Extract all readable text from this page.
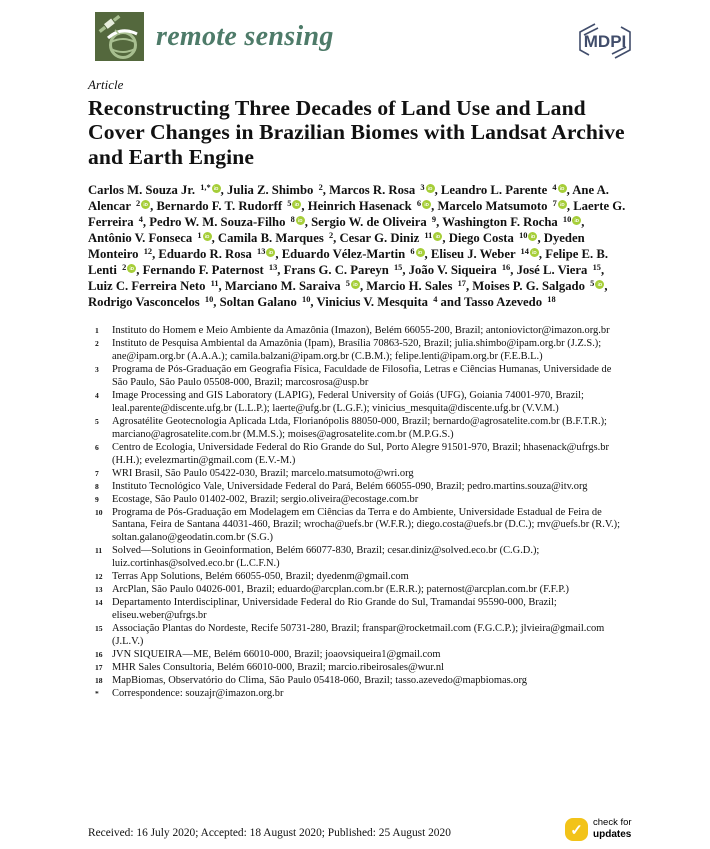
remote sensing	MDPI

Article

Reconstructing Three Decades of Land Use and Land Cover Changes in Brazilian Biomes with Landsat Archive and Earth Engine

Carlos M. Souza Jr. $^{1,*}$ iD , Julia Z. Shimbo $^2$, Marcos R. Rosa $^3$ iD , Leandro L. Parente $^4$ iD , Ane A. Alencar $^2$ iD , Bernardo F. T. Rudorff $^5$ iD , Heinrich Hasenack $^6$ iD , Marcelo Matsumoto $^7$ iD , Laerte G. Ferreira $^4$, Pedro W. M. Souza-Filho $^8$ iD , Sergio W. de Oliveira $^9$, Washington F. Rocha $^{10}$ iD , Antônio V. Fonseca $^1$ iD , Camila B. Marques $^2$, Cesar G. Diniz $^{11}$ iD , Diego Costa $^{10}$ iD , Dyeden Monteiro $^{12}$, Eduardo R. Rosa $^{13}$ iD , Eduardo Vélez-Martin $^6$ iD , Eliseu J. Weber $^{14}$ iD , Felipe E. B. Lenti $^2$ iD , Fernando F. Paternost $^{13}$, Frans G. C. Pareyn $^{15}$, João V. Siqueira $^{16}$, José L. Viera $^{15}$, Luiz C. Ferreira Neto $^{11}$, Marciano M. Saraiva $^5$ iD , Marcio H. Sales $^{17}$, Moises P. G. Salgado $^5$ iD , Rodrigo Vasconcelos $^{10}$, Soltan Galano $^{10}$, Vinicius V. Mesquita $^4$ and Tasso Azevedo $^{18}$

1	Instituto do Homem e Meio Ambiente da Amazônia (Imazon), Belém 66055-200, Brazil; antoniovictor@imazon.org.br
2	Instituto de Pesquisa Ambiental da Amazônia (Ipam), Brasília 70863-520, Brazil; julia.shimbo@ipam.org.br (J.Z.S.); ane@ipam.org.br (A.A.A.); camila.balzani@ipam.org.br (C.B.M.); felipe.lenti@ipam.org.br (F.E.B.L.)
3	Programa de Pós-Graduação em Geografia Física, Faculdade de Filosofia, Letras e Ciências Humanas, Universidade de São Paulo, São Paulo 05508-000, Brazil; marcosrosa@usp.br
4	Image Processing and GIS Laboratory (LAPIG), Federal University of Goiás (UFG), Goiania 74001-970, Brazil; leal.parente@discente.ufg.br (L.L.P.); laerte@ufg.br (L.G.F.); vinicius_mesquita@discente.ufg.br (V.V.M.)
5	Agrosatélite Geotecnologia Aplicada Ltda, Florianópolis 88050-000, Brazil; bernardo@agrosatelite.com.br (B.F.T.R.); marciano@agrosatelite.com.br (M.M.S.); moises@agrosatelite.com.br (M.P.G.S.)
6	Centro de Ecologia, Universidade Federal do Rio Grande do Sul, Porto Alegre 91501-970, Brazil; hhasenack@ufrgs.br (H.H.); evelezmartin@gmail.com (E.V.-M.)
7	WRI Brasil, São Paulo 05422-030, Brazil; marcelo.matsumoto@wri.org
8	Instituto Tecnológico Vale, Universidade Federal do Pará, Belém 66055-090, Brazil; pedro.martins.souza@itv.org
9	Ecostage, São Paulo 01402-002, Brazil; sergio.oliveira@ecostage.com.br
10 Programa de Pós-Graduação em Modelagem em Ciências da Terra e do Ambiente, Universidade Estadual de Feira de Santana, Feira de Santana 44031-460, Brazil; wrocha@uefs.br (W.F.R.); diego.costa@uefs.br (D.C.); rnv@uefs.br (R.V.); soltan.galano@geodatin.com.br (S.G.)
11 Solved—Solutions in Geoinformation, Belém 66077-830, Brazil; cesar.diniz@solved.eco.br (C.G.D.); luiz.cortinhas@solved.eco.br (L.C.F.N.)
12 Terras App Solutions, Belém 66055-050, Brazil; dyedenm@gmail.com
13 ArcPlan, São Paulo 04026-001, Brazil; eduardo@arcplan.com.br (E.R.R.); paternost@arcplan.com.br (F.F.P.)
14 Departamento Interdisciplinar, Universidade Federal do Rio Grande do Sul, Tramandaí 95590-000, Brazil; eliseu.weber@ufrgs.br
15 Associação Plantas do Nordeste, Recife 50731-280, Brazil; franspar@rocketmail.com (F.G.C.P.); jlvieira@gmail.com (J.L.V.)
16 JVN SIQUEIRA—ME, Belém 66010-000, Brazil; joaovsiqueira1@gmail.com
17 MHR Sales Consultoria, Belém 66010-000, Brazil; marcio.ribeirosales@wur.nl
18 MapBiomas, Observatório do Clima, São Paulo 05418-060, Brazil; tasso.azevedo@mapbiomas.org
*	Correspondence: souzajr@imazon.org.br

Received: 16 July 2020; Accepted: 18 August 2020; Published: 25 August 2020	✓	check for
updates
